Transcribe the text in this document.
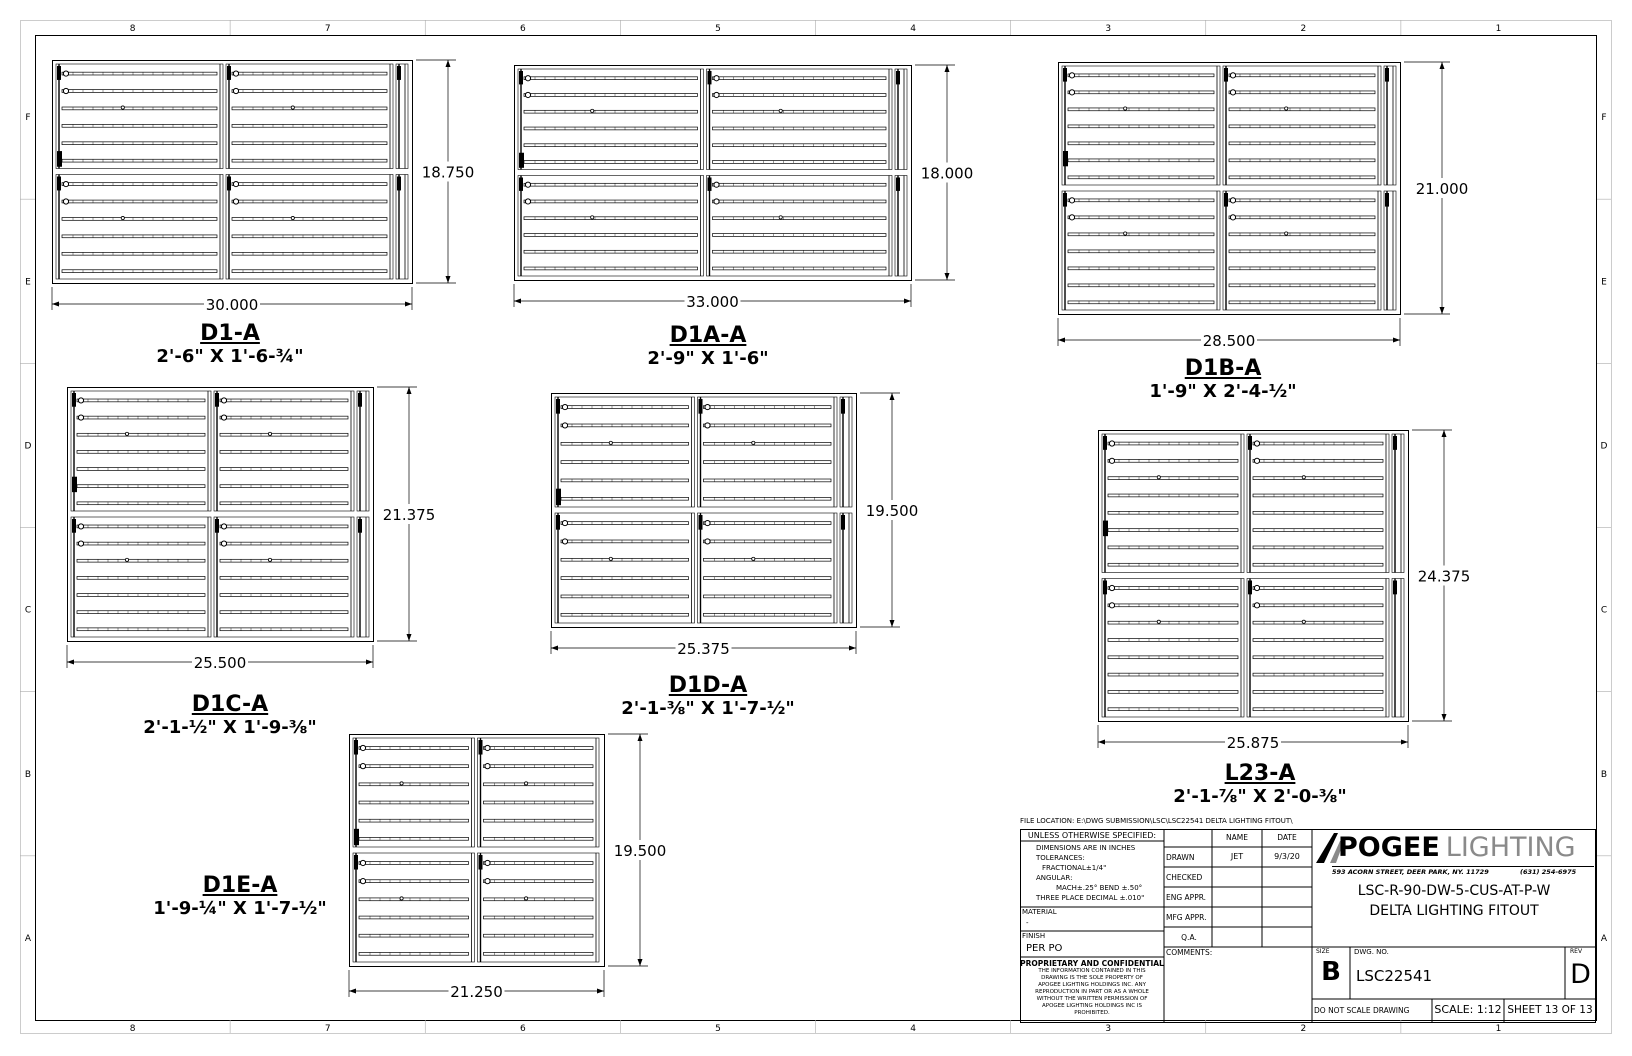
8
8
7
7
6
6
5
5
4
4
3
3
2
2
1
1
F	F
E	E
D	D
C	C
B	B
A	A
30.000
18.750
33.000
18.000
28.500
21.000
25.500
21.375
25.375
19.500
25.875
24.375
21.250
19.500
D1-A
2'-6" X 1'-6-¾"
D1A-A
2'-9" X 1'-6"	D1B-A
1'-9" X 2'-4-½"
D1C-A
2'-1-½" X 1'-9-⅜"
D1D-A
2'-1-⅜" X 1'-7-½"
L23-A
2'-1-⅞" X 2'-0-⅜"
D1E-A
1'-9-¼" X 1'-7-½"
FILE LOCATION: E:\DWG SUBMISSION\LSC\LSC22541 DELTA LIGHTING FITOUT\
UNLESS OTHERWISE SPECIFIED:
DIMENSIONS ARE IN INCHES
TOLERANCES:
FRACTIONAL±1/4"
ANGULAR:
MACH±.25° BEND ±.50°
THREE PLACE DECIMAL ±.010"
MATERIAL
-
FINISH
PER PO
PROPRIETARY AND CONFIDENTIAL
THE INFORMATION CONTAINED IN THIS
DRAWING IS THE SOLE PROPERTY OF
APOGEE LIGHTING HOLDINGS INC. ANY
REPRODUCTION IN PART OR AS A WHOLE
WITHOUT THE WRITTEN PERMISSION OF
APOGEE LIGHTING HOLDINGS INC IS
PROHIBITED.
NAME	DATE
DRAWN	JET	9/3/20
CHECKED
ENG APPR.
MFG APPR.
Q.A.
COMMENTS:
POGEE LIGHTING
593 ACORN STREET, DEER PARK, NY. 11729	(631) 254-6975
LSC-R-90-DW-5-CUS-AT-P-W
DELTA LIGHTING FITOUT
SIZE
B
DWG. NO.
LSC22541
REV
D
DO NOT SCALE DRAWING SCALE: 1:12 SHEET 13 OF 13
